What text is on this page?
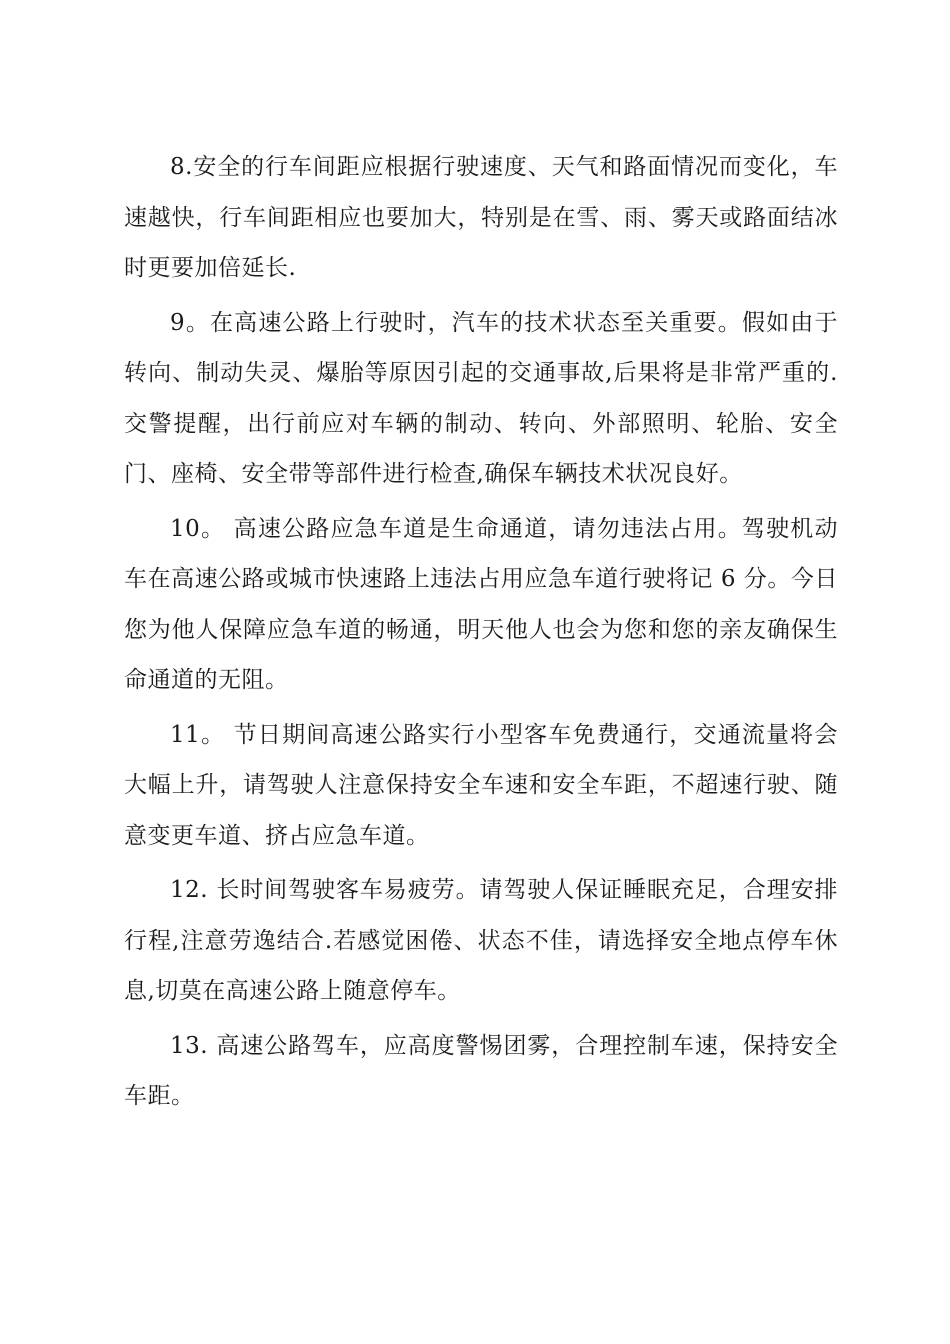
8.安全的行车间距应根据行驶速度、天气和路面情况而变化，车速越快，行车间距相应也要加大，特别是在雪、雨、雾天或路面结冰时更要加倍延长.

9。在高速公路上行驶时，汽车的技术状态至关重要。假如由于转向、制动失灵、爆胎等原因引起的交通事故,后果将是非常严重的.交警提醒，出行前应对车辆的制动、转向、外部照明、轮胎、安全门、座椅、安全带等部件进行检查,确保车辆技术状况良好。

10。 高速公路应急车道是生命通道，请勿违法占用。驾驶机动车在高速公路或城市快速路上违法占用应急车道行驶将记 6 分。今日您为他人保障应急车道的畅通，明天他人也会为您和您的亲友确保生命通道的无阻。

11。 节日期间高速公路实行小型客车免费通行，交通流量将会大幅上升，请驾驶人注意保持安全车速和安全车距，不超速行驶、随意变更车道、挤占应急车道。

12. 长时间驾驶客车易疲劳。请驾驶人保证睡眠充足，合理安排行程,注意劳逸结合.若感觉困倦、状态不佳，请选择安全地点停车休息,切莫在高速公路上随意停车。

13. 高速公路驾车，应高度警惕团雾，合理控制车速，保持安全车距。
